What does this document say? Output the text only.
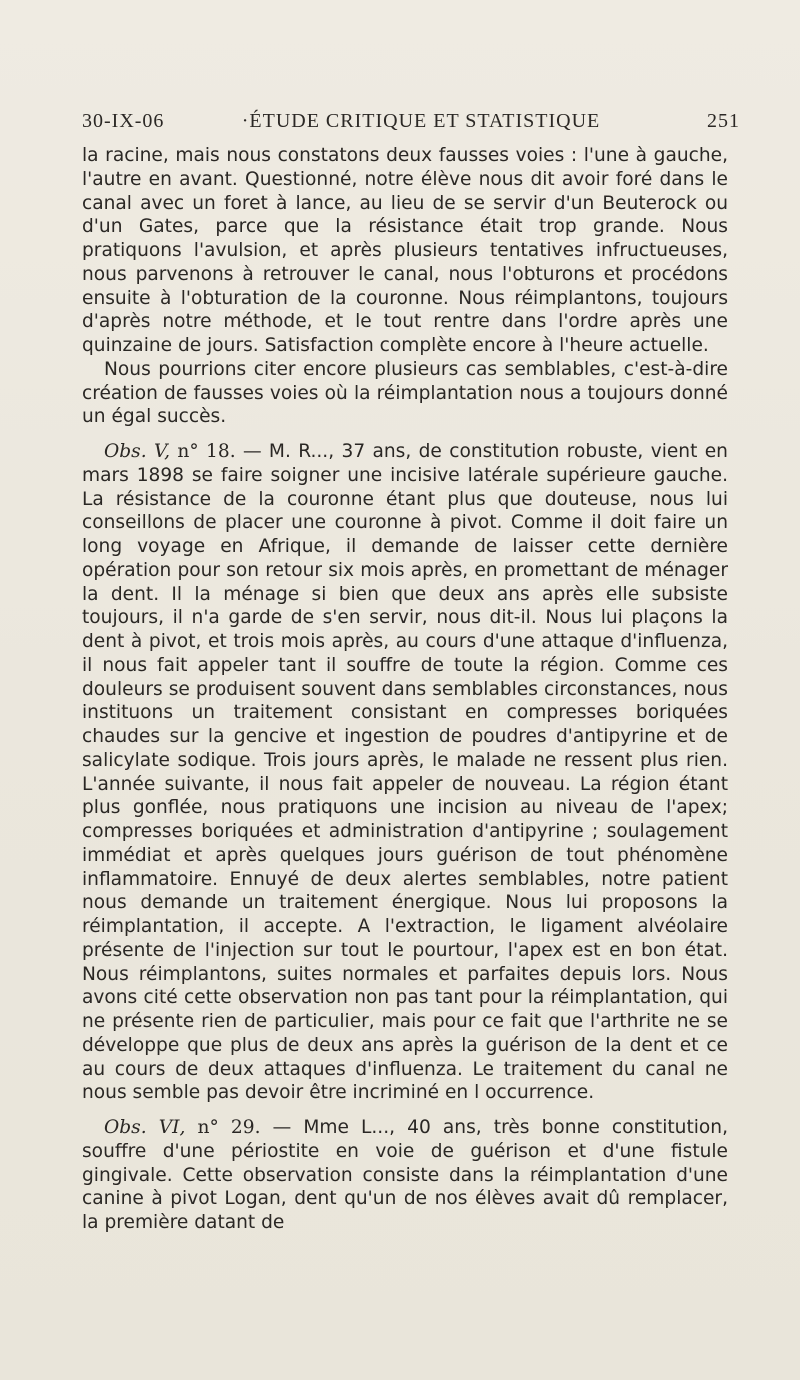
30-IX-06	·ÉTUDE CRITIQUE ET STATISTIQUE	251

la racine, mais nous constatons deux fausses voies : l'une à gauche, l'autre en avant. Questionné, notre élève nous dit avoir foré dans le canal avec un foret à lance, au lieu de se servir d'un Beuterock ou d'un Gates, parce que la résistance était trop grande. Nous pratiquons l'avulsion, et après plusieurs tentatives infructueuses, nous parvenons à retrouver le canal, nous l'obturons et procédons ensuite à l'obturation de la couronne. Nous réimplantons, toujours d'après notre méthode, et le tout rentre dans l'ordre après une quinzaine de jours. Satisfaction complète encore à l'heure actuelle.

Nous pourrions citer encore plusieurs cas semblables, c'est-à-dire création de fausses voies où la réimplantation nous a toujours donné un égal succès.

Obs. V, n° 18. — M. R..., 37 ans, de constitution robuste, vient en mars 1898 se faire soigner une incisive latérale supérieure gauche. La résistance de la couronne étant plus que douteuse, nous lui conseillons de placer une couronne à pivot. Comme il doit faire un long voyage en Afrique, il demande de laisser cette dernière opération pour son retour six mois après, en promettant de ménager la dent. Il la ménage si bien que deux ans après elle subsiste toujours, il n'a garde de s'en servir, nous dit-il. Nous lui plaçons la dent à pivot, et trois mois après, au cours d'une attaque d'influenza, il nous fait appeler tant il souffre de toute la région. Comme ces douleurs se produisent souvent dans semblables circonstances, nous instituons un traitement consistant en compresses boriquées chaudes sur la gencive et ingestion de poudres d'antipyrine et de salicylate sodique. Trois jours après, le malade ne ressent plus rien. L'année suivante, il nous fait appeler de nouveau. La région étant plus gonflée, nous pratiquons une incision au niveau de l'apex; compresses boriquées et administration d'antipyrine ; soulagement immédiat et après quelques jours guérison de tout phénomène inflammatoire. Ennuyé de deux alertes semblables, notre patient nous demande un traitement énergique. Nous lui proposons la réimplantation, il accepte. A l'extraction, le ligament alvéolaire présente de l'injection sur tout le pourtour, l'apex est en bon état. Nous réimplantons, suites normales et parfaites depuis lors. Nous avons cité cette observation non pas tant pour la réimplantation, qui ne présente rien de particulier, mais pour ce fait que l'arthrite ne se développe que plus de deux ans après la guérison de la dent et ce au cours de deux attaques d'influenza. Le traitement du canal ne nous semble pas devoir être incriminé en l occurrence.

Obs. VI, n° 29. — Mme L..., 40 ans, très bonne constitution, souffre d'une périostite en voie de guérison et d'une fistule gingivale. Cette observation consiste dans la réimplantation d'une canine à pivot Logan, dent qu'un de nos élèves avait dû remplacer, la première datant de
